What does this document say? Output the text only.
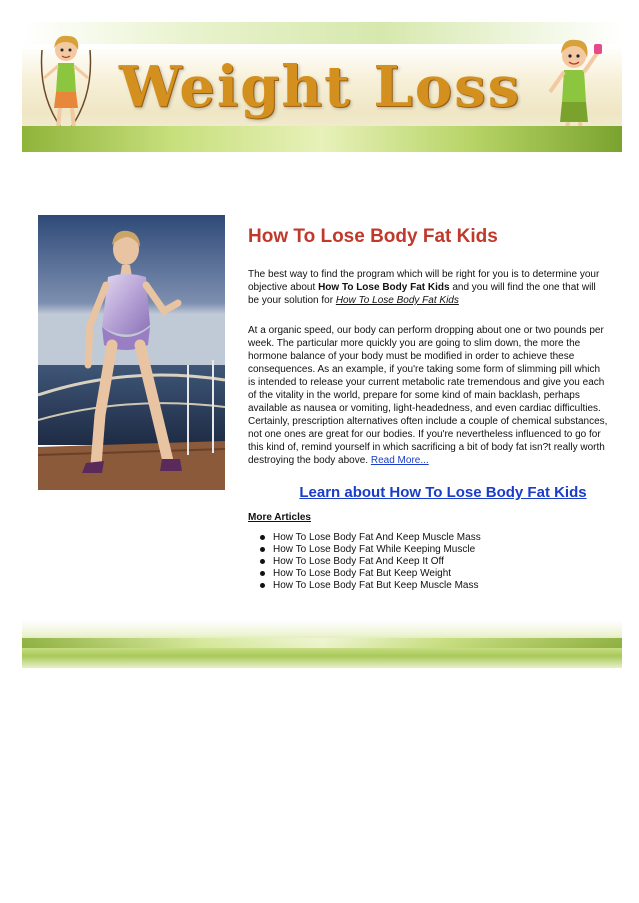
Weight Loss
How To Lose Body Fat Kids

The best way to find the program which will be right for you is to determine your objective about How To Lose Body Fat Kids and you will find the one that will be your solution for How To Lose Body Fat Kids

At a organic speed, our body can perform dropping about one or two pounds per week. The particular more quickly you are going to slim down, the more the hormone balance of your body must be modified in order to achieve these consequences. As an example, if you're taking some form of slimming pill which is intended to release your current metabolic rate tremendous and give you each of the vitality in the world, prepare for some kind of main backlash, perhaps available as nausea or vomiting, light-headedness, and even cardiac difficulties. Certainly, prescription alternatives often include a couple of chemical substances, not one ones are great for our bodies. If you're nevertheless influenced to go for this kind of, remind yourself in which sacrificing a bit of body fat isn?t really worth destroying the body above. Read More...

Learn about How To Lose Body Fat Kids
More Articles
How To Lose Body Fat And Keep Muscle Mass
How To Lose Body Fat While Keeping Muscle
How To Lose Body Fat And Keep It Off
How To Lose Body Fat But Keep Weight
How To Lose Body Fat But Keep Muscle Mass
